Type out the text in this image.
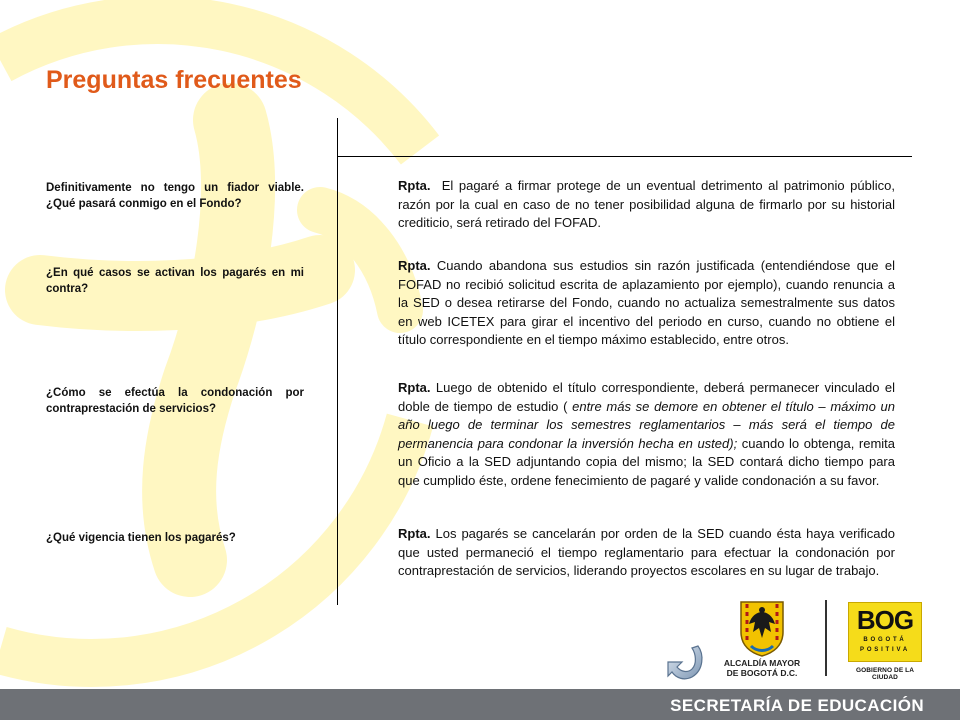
Preguntas frecuentes

Definitivamente no tengo un fiador viable. ¿Qué pasará conmigo en el Fondo?

Rpta. El pagaré a firmar protege de un eventual detrimento al patrimonio público, razón por la cual en caso de no tener posibilidad alguna de firmarlo por su historial crediticio, será retirado del FOFAD.

¿En qué casos se activan los pagarés en mi contra?

Rpta. Cuando abandona sus estudios sin razón justificada (entendiéndose que el FOFAD no recibió solicitud escrita de aplazamiento por ejemplo), cuando renuncia a la SED o desea retirarse del Fondo, cuando no actualiza semestralmente sus datos en web ICETEX para girar el incentivo del periodo en curso, cuando no obtiene el título correspondiente en el tiempo máximo establecido, entre otros.

¿Cómo se efectúa la condonación por contraprestación de servicios?

Rpta. Luego de obtenido el título correspondiente, deberá permanecer vinculado el doble de tiempo de estudio ( entre más se demore en obtener el título – máximo un año luego de terminar los semestres reglamentarios – más será el tiempo de permanencia para condonar la inversión hecha en usted); cuando lo obtenga, remita un Oficio a la SED adjuntando copia del mismo; la SED contará dicho tiempo para que cumplido éste, ordene fenecimiento de pagaré y valide condonación a su favor.

¿Qué vigencia tienen los pagarés?	Rpta. Los pagarés se cancelarán por orden de la SED cuando ésta haya verificado que usted permaneció el tiempo reglamentario para efectuar la condonación por contraprestación de servicios, liderando proyectos escolares en su lugar de trabajo.

ALCALDÍA MAYOR
DE BOGOTÁ D.C.
BOG
BOGOTÁ
POSITIVA
GOBIERNO DE LA CIUDAD
SECRETARÍA DE EDUCACIÓN
